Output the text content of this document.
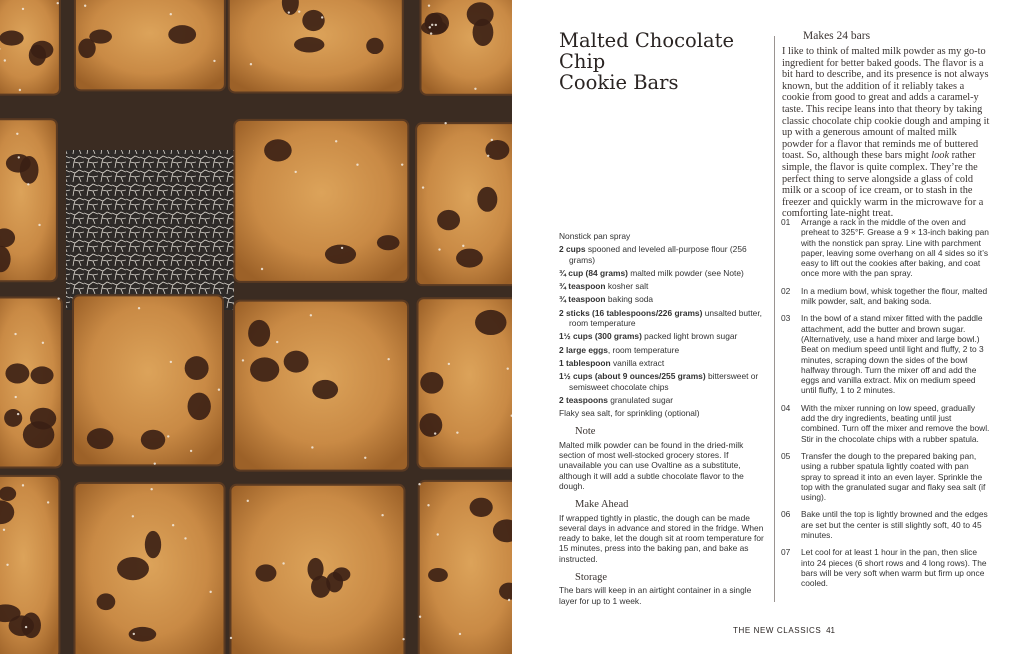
Malted Chocolate Chip
Cookie Bars
Makes 24 bars

I like to think of malted milk powder as my go-to ingredient for better baked goods. The flavor is a bit hard to describe, and its presence is not always known, but the addition of it reliably takes a cookie from good to great and adds a caramel-y taste. This recipe leans into that theory by taking classic chocolate chip cookie dough and amping it up with a generous amount of malted milk powder for a flavor that reminds me of buttered toast. So, although these bars might look rather simple, the flavor is quite complex. They’re the perfect thing to serve alongside a glass of cold milk or a scoop of ice cream, or to stash in the freezer and quickly warm in the microwave for a comforting late-night treat.

Nonstick pan spray

2 cups spooned and leveled all-purpose flour (256 grams)

¾ cup (84 grams) malted milk powder (see Note)

¾ teaspoon kosher salt

¾ teaspoon baking soda

2 sticks (16 tablespoons/226 grams) unsalted butter, room temperature

1½ cups (300 grams) packed light brown sugar

2 large eggs, room temperature

1 tablespoon vanilla extract

1½ cups (about 9 ounces/255 grams) bittersweet or semisweet chocolate chips

2 teaspoons granulated sugar

Flaky sea salt, for sprinkling (optional)

Note

Malted milk powder can be found in the dried-milk section of most well-stocked grocery stores. If unavailable you can use Ovaltine as a substitute, although it will add a subtle chocolate flavor to the dough.

Make Ahead

If wrapped tightly in plastic, the dough can be made several days in advance and stored in the fridge. When ready to bake, let the dough sit at room temperature for 15 minutes, press into the baking pan, and bake as instructed.

Storage

The bars will keep in an airtight container in a single layer for up to 1 week.

01 Arrange a rack in the middle of the oven and preheat to 325°F. Grease a 9 × 13-inch baking pan with the nonstick pan spray. Line with parchment paper, leaving some overhang on all 4 sides so it’s easy to lift out the cookies after baking, and coat once more with the pan spray.
02 In a medium bowl, whisk together the flour, malted milk powder, salt, and baking soda.
03 In the bowl of a stand mixer fitted with the paddle attachment, add the butter and brown sugar. (Alternatively, use a hand mixer and large bowl.) Beat on medium speed until light and fluffy, 2 to 3 minutes, scraping down the sides of the bowl halfway through. Turn the mixer off and add the eggs and vanilla extract. Mix on medium speed until fluffy, 1 to 2 minutes.
04 With the mixer running on low speed, gradually add the dry ingredients, beating until just combined. Turn off the mixer and remove the bowl. Stir in the chocolate chips with a rubber spatula.
05 Transfer the dough to the prepared baking pan, using a rubber spatula lightly coated with pan spray to spread it into an even layer. Sprinkle the top with the granulated sugar and flaky sea salt (if using).
06 Bake until the top is lightly browned and the edges are set but the center is still slightly soft, 40 to 45 minutes.
07 Let cool for at least 1 hour in the pan, then slice into 24 pieces (6 short rows and 4 long rows). The bars will be very soft when warm but firm up once cooled.
THE NEW CLASSICS 41
